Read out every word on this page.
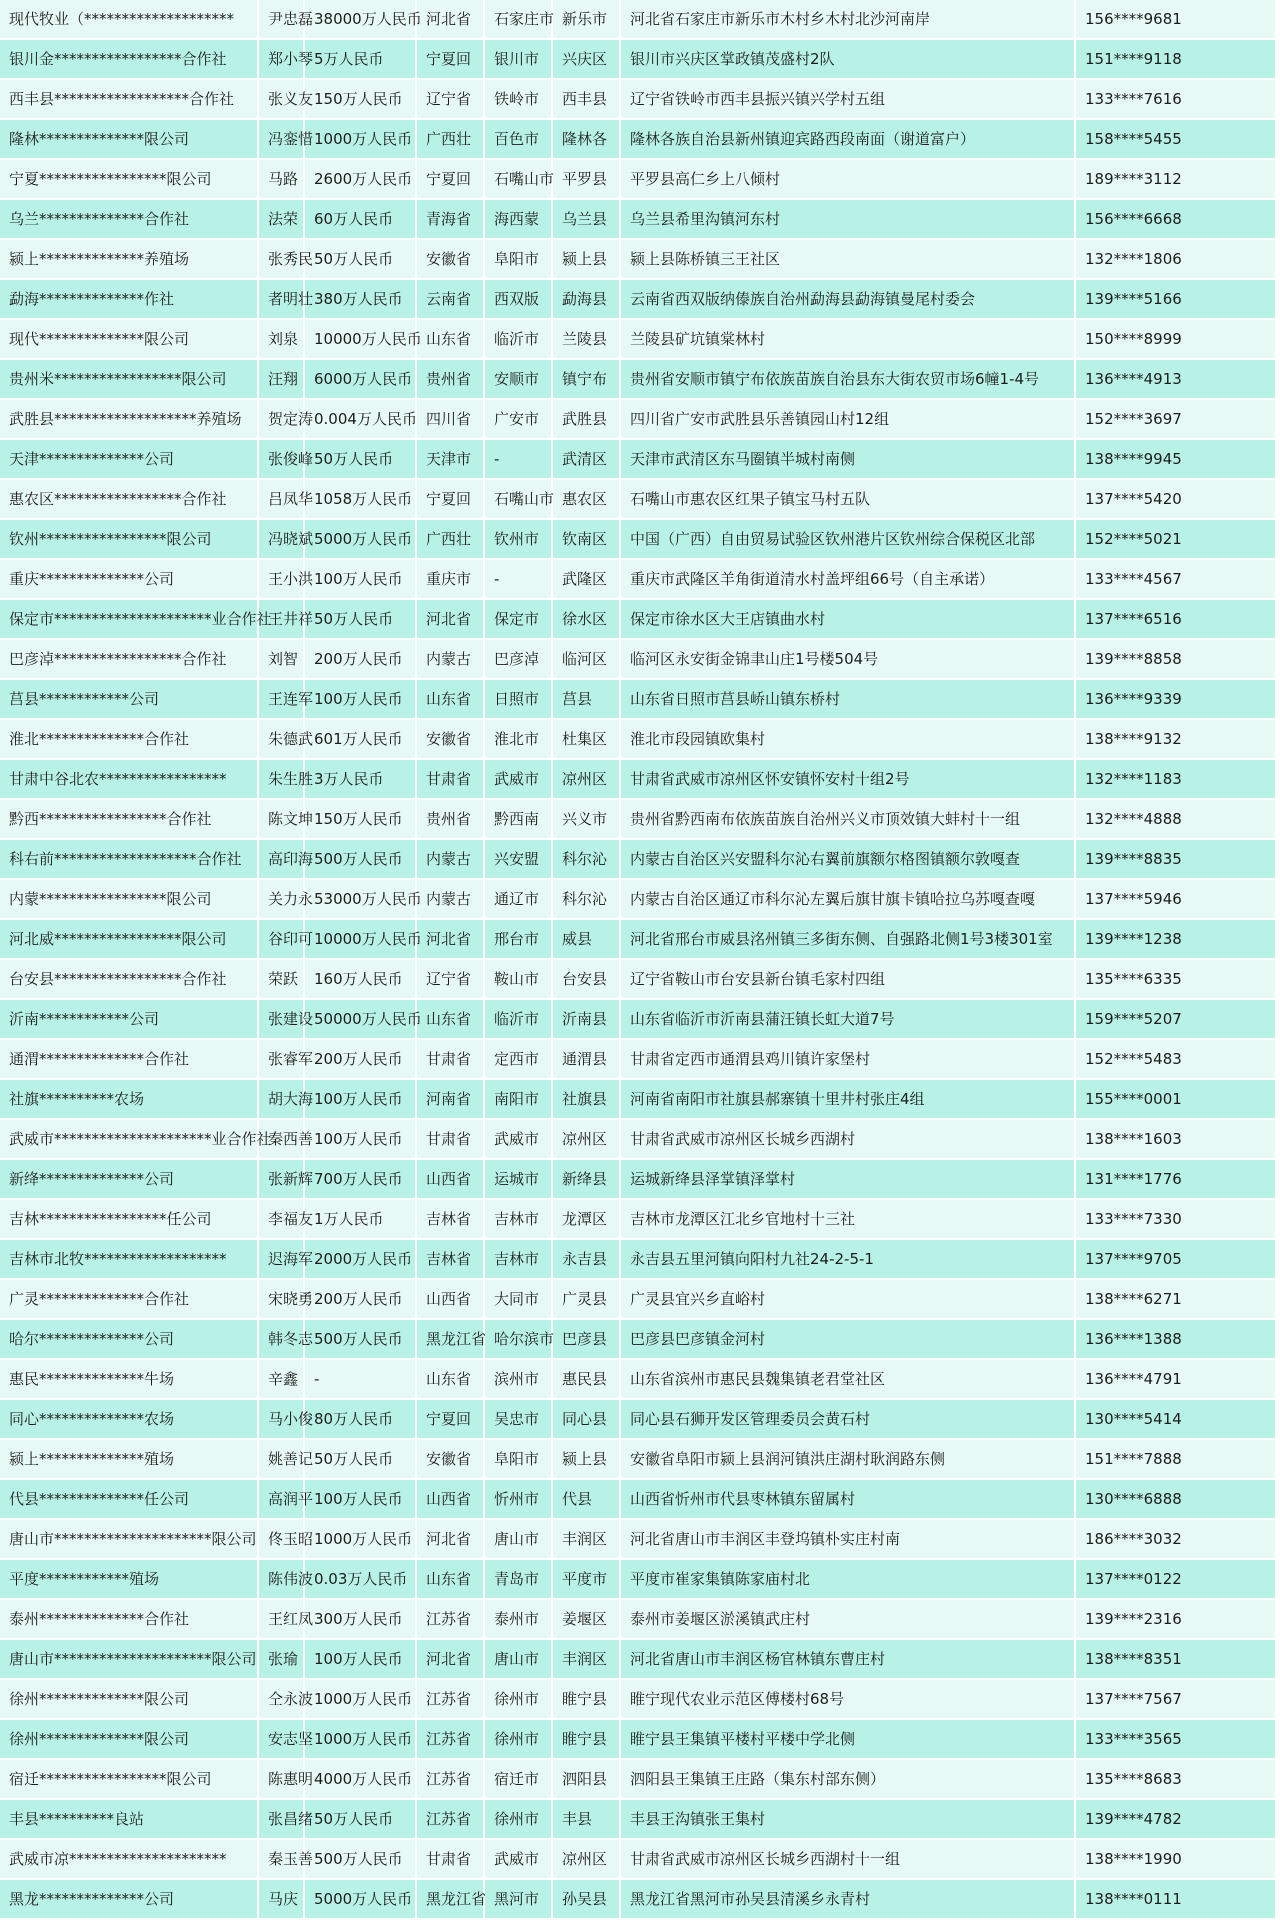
现代牧业（********************	尹忠磊	38000万人民币	河北省	石家庄市	新乐市	河北省石家庄市新乐市木村乡木村北沙河南岸	156****9681
银川金*****************合作社	郑小琴	5万人民币	宁夏回	银川市	兴庆区	银川市兴庆区掌政镇茂盛村2队	151****9118
西丰县******************合作社	张义友	150万人民币	辽宁省	铁岭市	西丰县	辽宁省铁岭市西丰县振兴镇兴学村五组	133****7616
隆林**************限公司	冯銮惜	1000万人民币	广西壮	百色市	隆林各	隆林各族自治县新州镇迎宾路西段南面（谢道富户）	158****5455
宁夏*****************限公司	马路	2600万人民币	宁夏回	石嘴山市	平罗县	平罗县高仁乡上八倾村	189****3112
乌兰**************合作社	法荣	60万人民币	青海省	海西蒙	乌兰县	乌兰县希里沟镇河东村	156****6668
颍上**************养殖场	张秀民	50万人民币	安徽省	阜阳市	颍上县	颍上县陈桥镇三王社区	132****1806
勐海**************作社	者明壮	380万人民币	云南省	西双版	勐海县	云南省西双版纳傣族自治州勐海县勐海镇曼尾村委会	139****5166
现代**************限公司	刘泉	10000万人民币	山东省	临沂市	兰陵县	兰陵县矿坑镇棠林村	150****8999
贵州米*****************限公司	汪翔	6000万人民币	贵州省	安顺市	镇宁布	贵州省安顺市镇宁布依族苗族自治县东大街农贸市场6幢1-4号	136****4913
武胜县*******************养殖场	贺定涛	0.004万人民币	四川省	广安市	武胜县	四川省广安市武胜县乐善镇园山村12组	152****3697
天津**************公司	张俊峰	50万人民币	天津市	-	武清区	天津市武清区东马圈镇半城村南侧	138****9945
惠农区*****************合作社	吕凤华	1058万人民币	宁夏回	石嘴山市	惠农区	石嘴山市惠农区红果子镇宝马村五队	137****5420
钦州*****************限公司	冯晓斌	5000万人民币	广西壮	钦州市	钦南区	中国（广西）自由贸易试验区钦州港片区钦州综合保税区北部	152****5021
重庆**************公司	王小洪	100万人民币	重庆市	-	武隆区	重庆市武隆区羊角街道清水村盖坪组66号（自主承诺）	133****4567
保定市*********************业合作社	王井祥	50万人民币	河北省	保定市	徐水区	保定市徐水区大王店镇曲水村	137****6516
巴彦淖*****************合作社	刘智	200万人民币	内蒙古	巴彦淖	临河区	临河区永安街金锦聿山庄1号楼504号	139****8858
莒县************公司	王连军	100万人民币	山东省	日照市	莒县	山东省日照市莒县峤山镇东桥村	136****9339
淮北**************合作社	朱德武	601万人民币	安徽省	淮北市	杜集区	淮北市段园镇欧集村	138****9132
甘肃中谷北农*****************	朱生胜	3万人民币	甘肃省	武威市	凉州区	甘肃省武威市凉州区怀安镇怀安村十组2号	132****1183
黔西*****************合作社	陈文坤	150万人民币	贵州省	黔西南	兴义市	贵州省黔西南布依族苗族自治州兴义市顶效镇大蚌村十一组	132****4888
科右前*******************合作社	高印海	500万人民币	内蒙古	兴安盟	科尔沁	内蒙古自治区兴安盟科尔沁右翼前旗额尔格图镇额尔敦嘎查	139****8835
内蒙*****************限公司	关力永	53000万人民币	内蒙古	通辽市	科尔沁	内蒙古自治区通辽市科尔沁左翼后旗甘旗卡镇哈拉乌苏嘎查嘎	137****5946
河北威*****************限公司	谷印可	10000万人民币	河北省	邢台市	威县	河北省邢台市威县洺州镇三多街东侧、自强路北侧1号3楼301室	139****1238
台安县*****************合作社	荣跃	160万人民币	辽宁省	鞍山市	台安县	辽宁省鞍山市台安县新台镇毛家村四组	135****6335
沂南************公司	张建设	50000万人民币	山东省	临沂市	沂南县	山东省临沂市沂南县蒲汪镇长虹大道7号	159****5207
通渭**************合作社	张睿军	200万人民币	甘肃省	定西市	通渭县	甘肃省定西市通渭县鸡川镇许家堡村	152****5483
社旗**********农场	胡大海	100万人民币	河南省	南阳市	社旗县	河南省南阳市社旗县郝寨镇十里井村张庄4组	155****0001
武威市*********************业合作社	秦西善	100万人民币	甘肃省	武威市	凉州区	甘肃省武威市凉州区长城乡西湖村	138****1603
新绛**************公司	张新辉	700万人民币	山西省	运城市	新绛县	运城新绛县泽掌镇泽掌村	131****1776
吉林*****************任公司	李福友	1万人民币	吉林省	吉林市	龙潭区	吉林市龙潭区江北乡官地村十三社	133****7330
吉林市北牧*******************	迟海军	2000万人民币	吉林省	吉林市	永吉县	永吉县五里河镇向阳村九社24-2-5-1	137****9705
广灵**************合作社	宋晓勇	200万人民币	山西省	大同市	广灵县	广灵县宜兴乡直峪村	138****6271
哈尔**************公司	韩冬志	500万人民币	黑龙江省	哈尔滨市	巴彦县	巴彦县巴彦镇金河村	136****1388
惠民**************牛场	辛鑫	-	山东省	滨州市	惠民县	山东省滨州市惠民县魏集镇老君堂社区	136****4791
同心**************农场	马小俊	80万人民币	宁夏回	吴忠市	同心县	同心县石狮开发区管理委员会黄石村	130****5414
颍上**************殖场	姚善记	50万人民币	安徽省	阜阳市	颍上县	安徽省阜阳市颍上县润河镇洪庄湖村耿润路东侧	151****7888
代县**************任公司	高润平	100万人民币	山西省	忻州市	代县	山西省忻州市代县枣林镇东留属村	130****6888
唐山市*********************限公司	佟玉昭	1000万人民币	河北省	唐山市	丰润区	河北省唐山市丰润区丰登坞镇朴实庄村南	186****3032
平度************殖场	陈伟波	0.03万人民币	山东省	青岛市	平度市	平度市崔家集镇陈家庙村北	137****0122
泰州**************合作社	王红凤	300万人民币	江苏省	泰州市	姜堰区	泰州市姜堰区淤溪镇武庄村	139****2316
唐山市*********************限公司	张瑜	100万人民币	河北省	唐山市	丰润区	河北省唐山市丰润区杨官林镇东曹庄村	138****8351
徐州**************限公司	仝永波	1000万人民币	江苏省	徐州市	睢宁县	睢宁现代农业示范区傅楼村68号	137****7567
徐州**************限公司	安志坚	1000万人民币	江苏省	徐州市	睢宁县	睢宁县王集镇平楼村平楼中学北侧	133****3565
宿迁*****************限公司	陈惠明	4000万人民币	江苏省	宿迁市	泗阳县	泗阳县王集镇王庄路（集东村部东侧）	135****8683
丰县**********良站	张昌绪	50万人民币	江苏省	徐州市	丰县	丰县王沟镇张王集村	139****4782
武威市凉*********************	秦玉善	500万人民币	甘肃省	武威市	凉州区	甘肃省武威市凉州区长城乡西湖村十一组	138****1990
黑龙**************公司	马庆	5000万人民币	黑龙江省	黑河市	孙吴县	黑龙江省黑河市孙吴县清溪乡永青村	138****0111
